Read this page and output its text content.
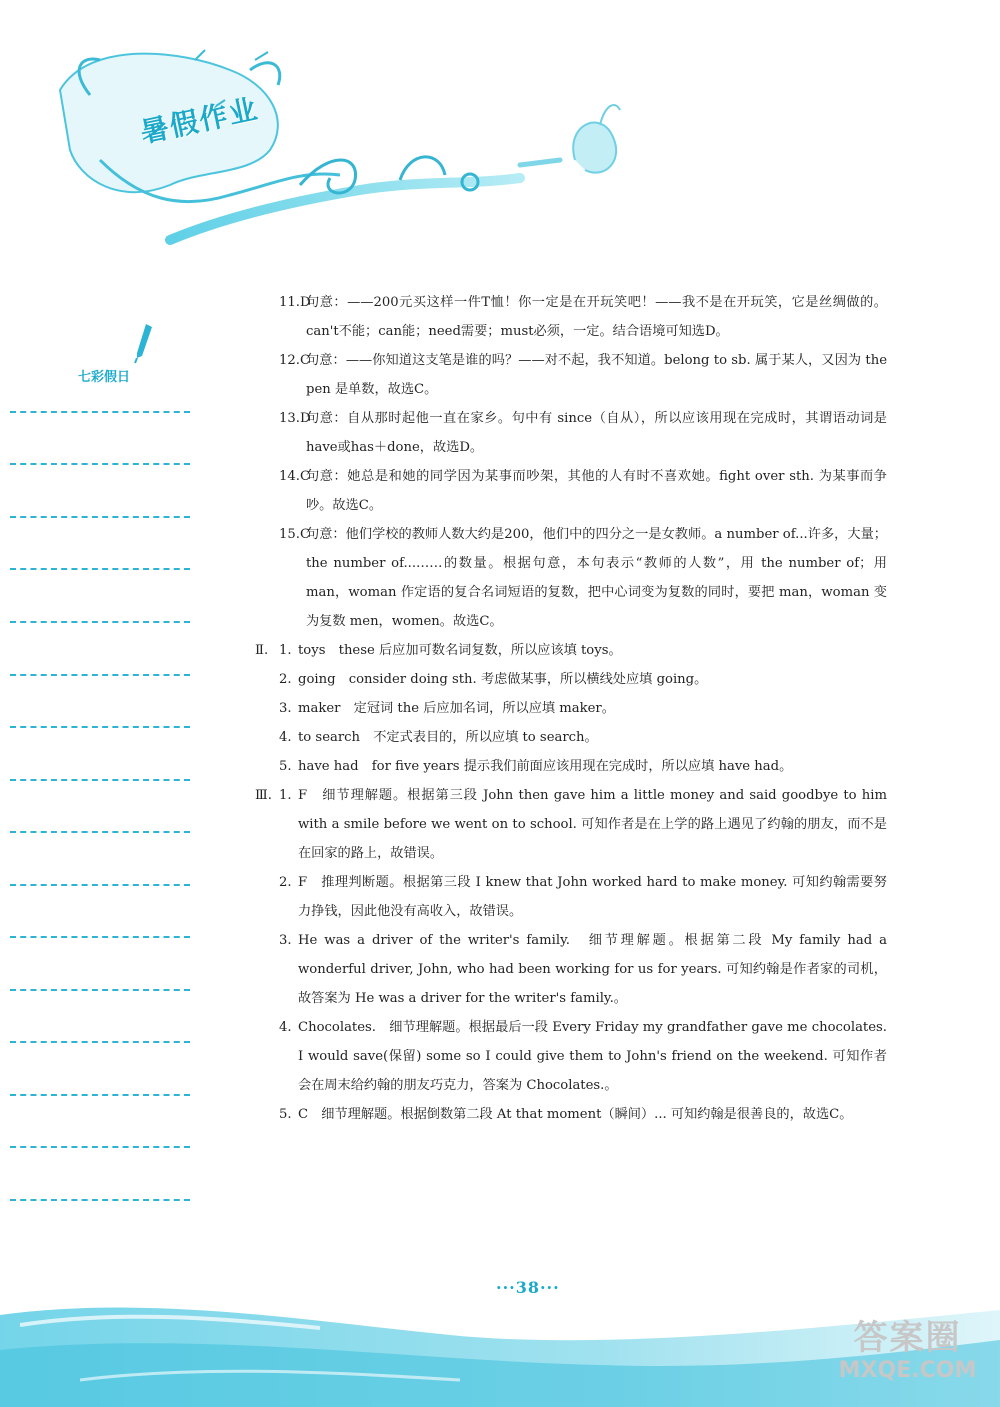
暑假作业
七彩假日
11.D
句意：——200元买这样一件T恤！你一定是在开玩笑吧！——我不是在开玩笑，它是丝绸做的。can't不能；can能；need需要；must必须，一定。结合语境可知选D。
12.C
句意：——你知道这支笔是谁的吗？——对不起，我不知道。belong to sb. 属于某人，又因为 the pen 是单数，故选C。
13.D
句意：自从那时起他一直在家乡。句中有 since（自从），所以应该用现在完成时，其谓语动词是 have或has＋done，故选D。
14.C
句意：她总是和她的同学因为某事而吵架，其他的人有时不喜欢她。fight over sth. 为某事而争吵。故选C。
15.C
句意：他们学校的教师人数大约是200，他们中的四分之一是女教师。a number of...许多，大量；the number of...……的数量。根据句意，本句表示“教师的人数”，用 the number of；用 man，woman 作定语的复合名词短语的复数，把中心词变为复数的同时，要把 man，woman 变为复数 men，women。故选C。
Ⅱ. 1. toys　these 后应加可数名词复数，所以应该填 toys。
2. going　consider doing sth. 考虑做某事，所以横线处应填 going。
3. maker　定冠词 the 后应加名词，所以应填 maker。
4. to search　不定式表目的，所以应填 to search。
5. have had　for five years 提示我们前面应该用现在完成时，所以应填 have had。
Ⅲ. 1. F　细节理解题。根据第三段 John then gave him a little money and said goodbye to him with a smile before we went on to school. 可知作者是在上学的路上遇见了约翰的朋友，而不是在回家的路上，故错误。
2. F　推理判断题。根据第三段 I knew that John worked hard to make money. 可知约翰需要努力挣钱，因此他没有高收入，故错误。
3. He was a driver of the writer's family.　细节理解题。根据第二段 My family had a wonderful driver, John, who had been working for us for years. 可知约翰是作者家的司机，故答案为 He was a driver for the writer's family.。
4. Chocolates.　细节理解题。根据最后一段 Every Friday my grandfather gave me chocolates. I would save(保留) some so I could give them to John's friend on the weekend. 可知作者会在周末给约翰的朋友巧克力，答案为 Chocolates.。
5. C　细节理解题。根据倒数第二段 At that moment（瞬间）... 可知约翰是很善良的，故选C。
···38···
答案圈
MXQE.COM
